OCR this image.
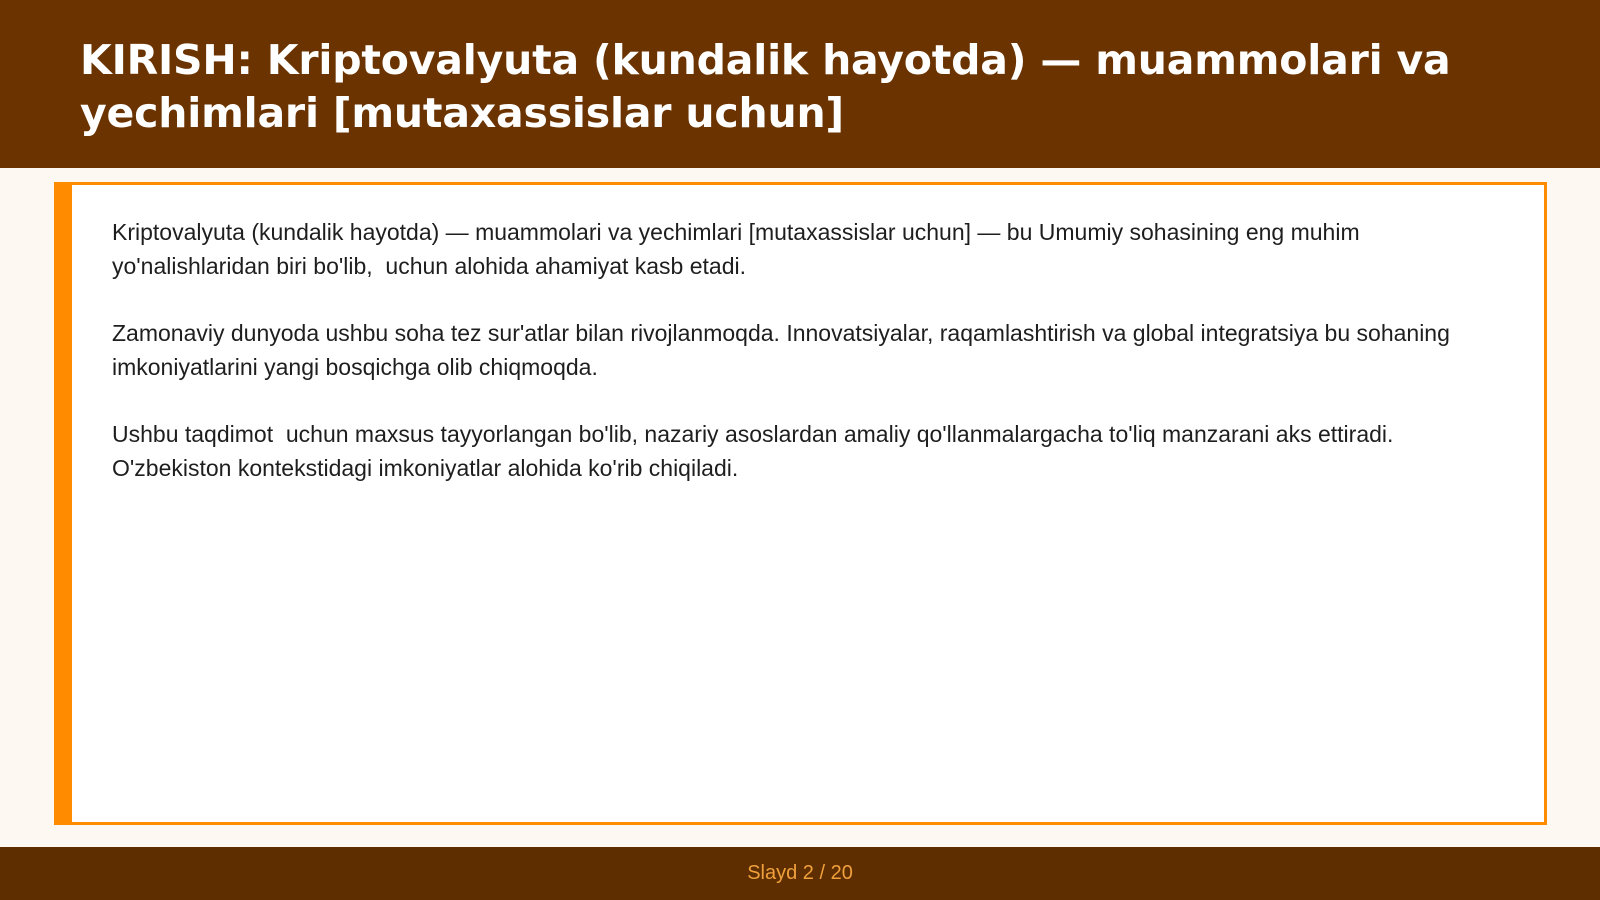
KIRISH: Kriptovalyuta (kundalik hayotda) — muammolari va yechimlari [mutaxassislar uchun]

Kriptovalyuta (kundalik hayotda) — muammolari va yechimlari [mutaxassislar uchun] — bu Umumiy sohasining eng muhim yo'nalishlaridan biri bo'lib,  uchun alohida ahamiyat kasb etadi.

Zamonaviy dunyoda ushbu soha tez sur'atlar bilan rivojlanmoqda. Innovatsiyalar, raqamlashtirish va global integratsiya bu sohaning imkoniyatlarini yangi bosqichga olib chiqmoqda.

Ushbu taqdimot  uchun maxsus tayyorlangan bo'lib, nazariy asoslardan amaliy qo'llanmalargacha to'liq manzarani aks ettiradi. O'zbekiston kontekstidagi imkoniyatlar alohida ko'rib chiqiladi.

Slayd 2 / 20
